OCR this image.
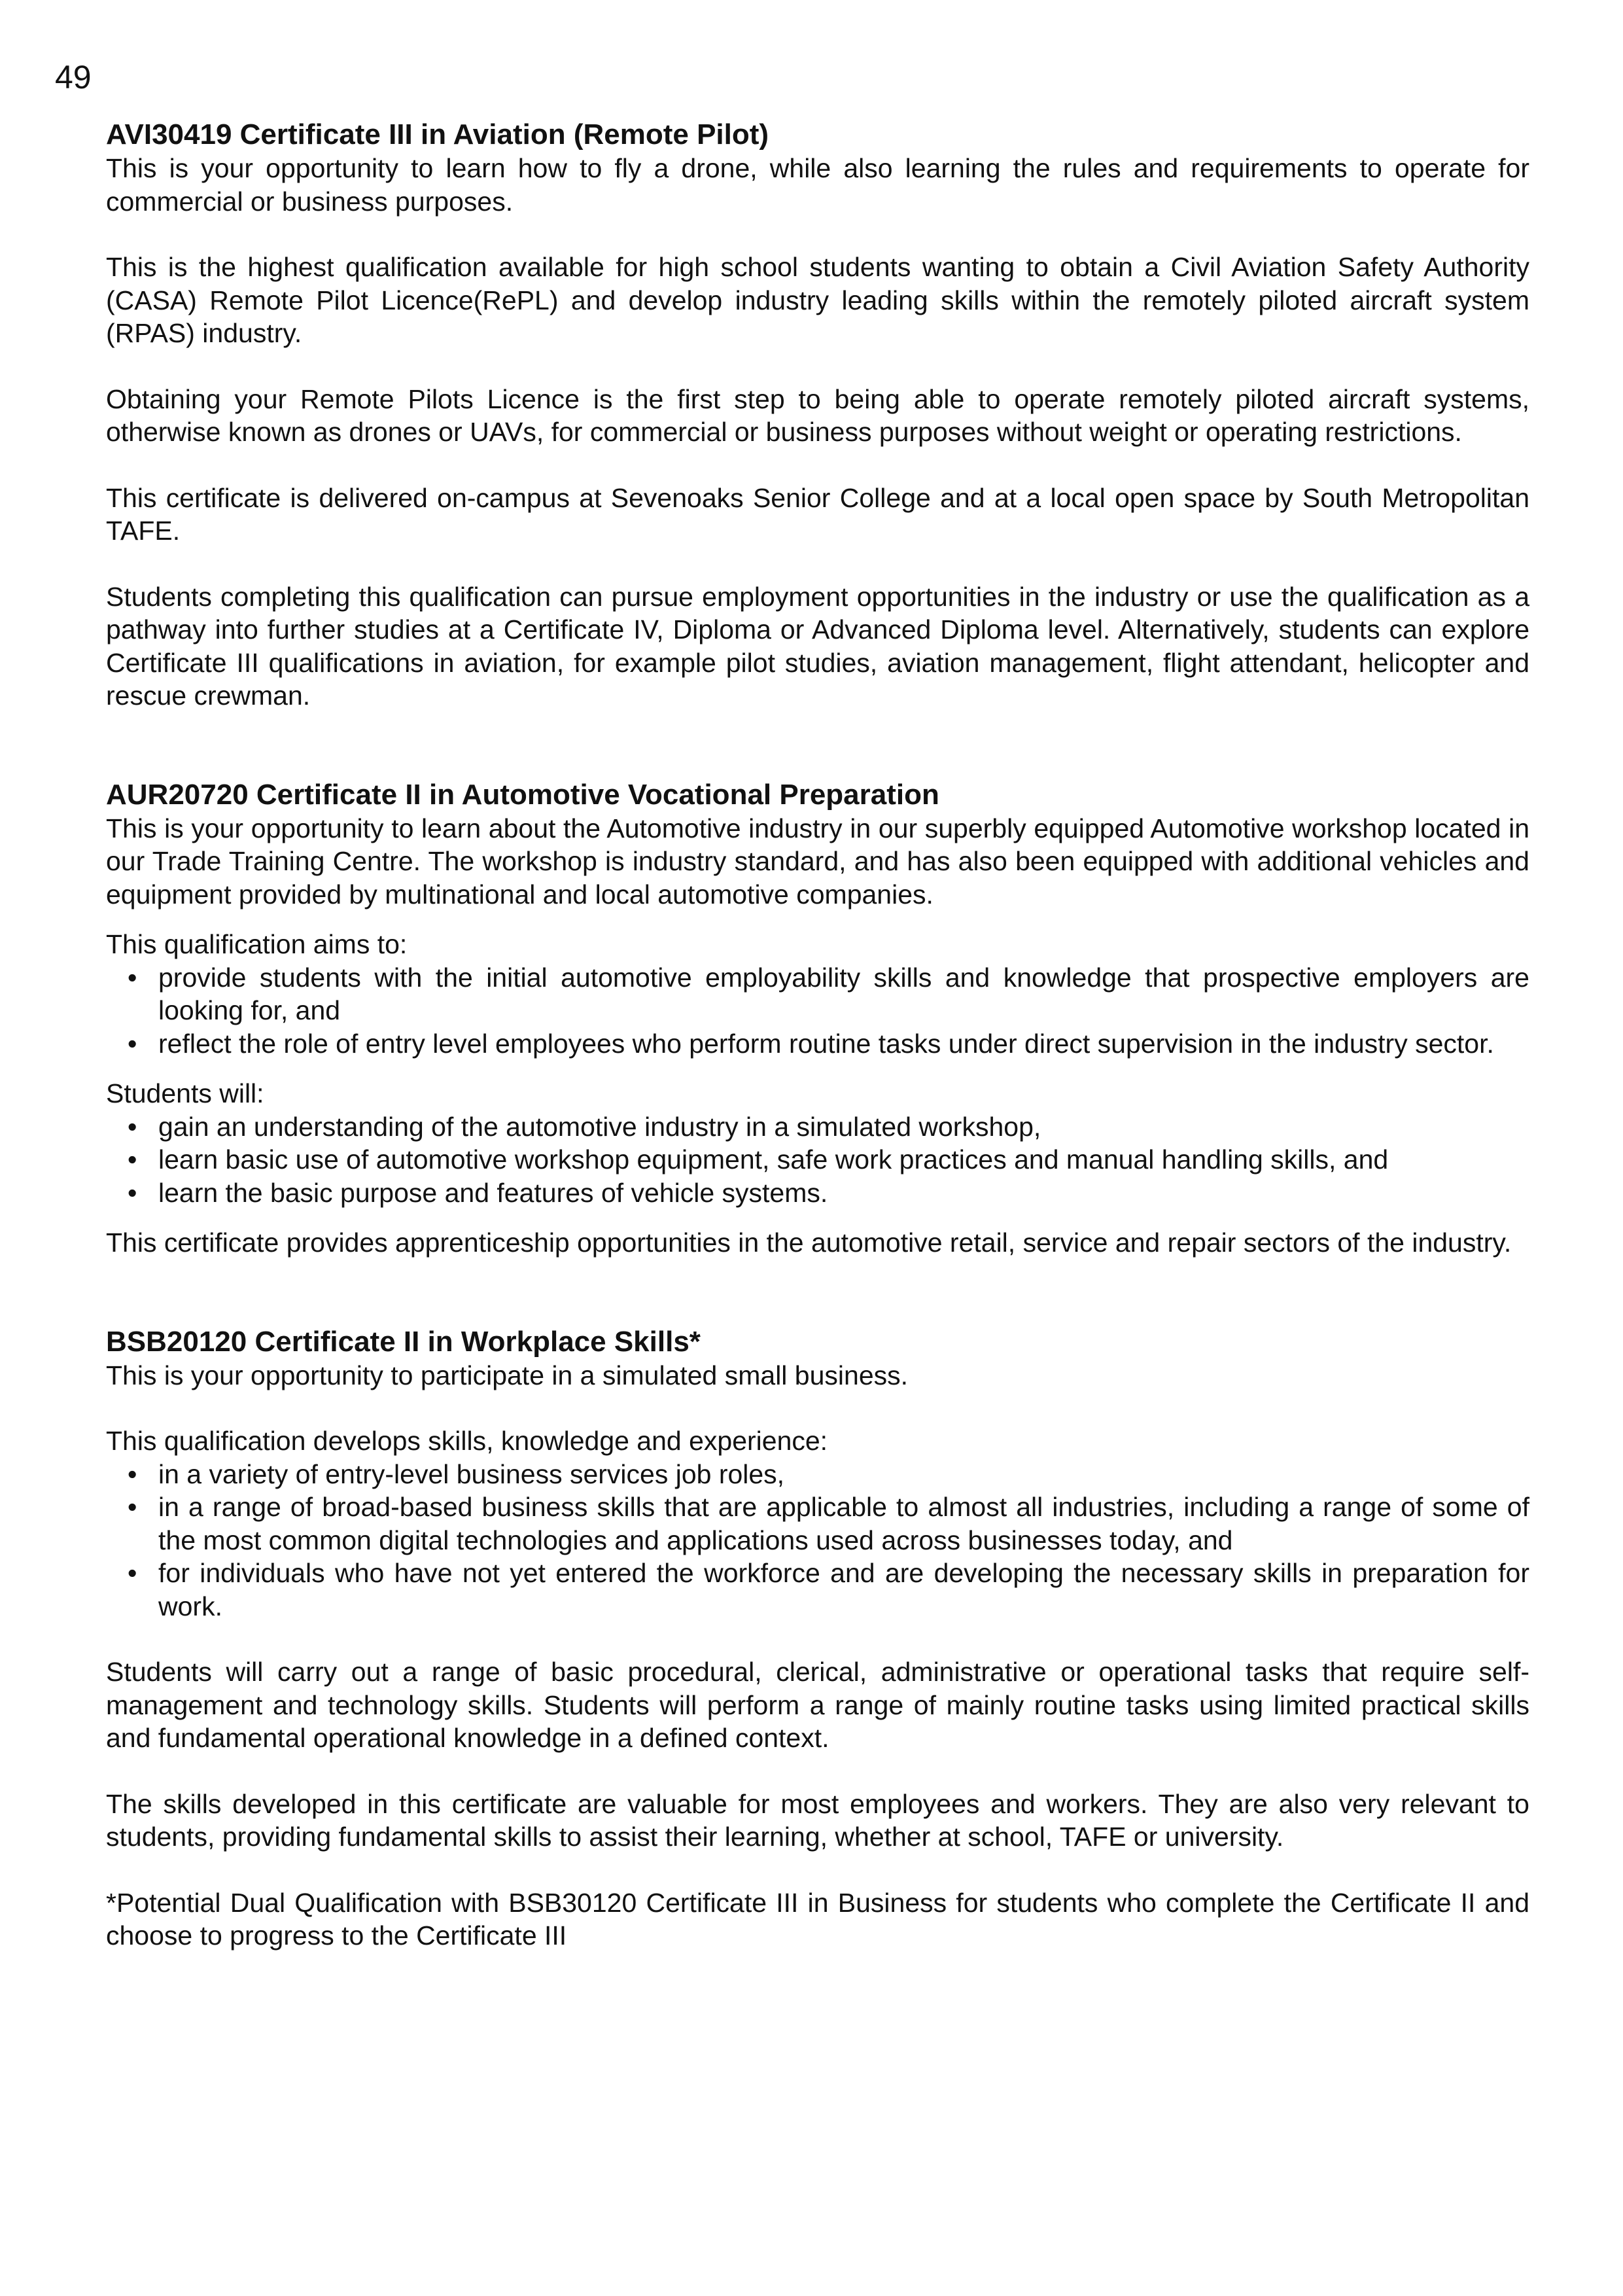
49
AVI30419 Certificate III in Aviation (Remote Pilot)

This is your opportunity to learn how to fly a drone, while also learning the rules and requirements to operate for commercial or business purposes.

This is the highest qualification available for high school students wanting to obtain a Civil Aviation Safety Authority (CASA) Remote Pilot Licence(RePL) and develop industry leading skills within the remotely piloted aircraft system (RPAS) industry.

Obtaining your Remote Pilots Licence is the first step to being able to operate remotely piloted aircraft systems, otherwise known as drones or UAVs, for commercial or business purposes without weight or operating restrictions.

This certificate is delivered on-campus at Sevenoaks Senior College and at a local open space by South Metropolitan TAFE.

Students completing this qualification can pursue employment opportunities in the industry or use the qualification as a pathway into further studies at a Certificate IV, Diploma or Advanced Diploma level. Alternatively, students can explore Certificate III qualifications in aviation, for example pilot studies, aviation management, flight attendant, helicopter and rescue crewman.

AUR20720 Certificate II in Automotive Vocational Preparation

This is your opportunity to learn about the Automotive industry in our superbly equipped Automotive workshop located in our Trade Training Centre. The workshop is industry standard, and has also been equipped with additional vehicles and equipment provided by multinational and local automotive companies.

This qualification aims to:

• provide students with the initial automotive employability skills and knowledge that prospective employers are looking for, and
• reflect the role of entry level employees who perform routine tasks under direct supervision in the industry sector.

Students will:

• gain an understanding of the automotive industry in a simulated workshop,
• learn basic use of automotive workshop equipment, safe work practices and manual handling skills, and
• learn the basic purpose and features of vehicle systems.

This certificate provides apprenticeship opportunities in the automotive retail, service and repair sectors of the industry.

BSB20120 Certificate II in Workplace Skills*

This is your opportunity to participate in a simulated small business.

This qualification develops skills, knowledge and experience:

• in a variety of entry-level business services job roles,
• in a range of broad-based business skills that are applicable to almost all industries, including a range of some of the most common digital technologies and applications used across businesses today, and
• for individuals who have not yet entered the workforce and are developing the necessary skills in preparation for work.

Students will carry out a range of basic procedural, clerical, administrative or operational tasks that require self-management and technology skills. Students will perform a range of mainly routine tasks using limited practical skills and fundamental operational knowledge in a defined context.

The skills developed in this certificate are valuable for most employees and workers. They are also very relevant to students, providing fundamental skills to assist their learning, whether at school, TAFE or university.

*Potential Dual Qualification with BSB30120 Certificate III in Business for students who complete the Certificate II and choose to progress to the Certificate III
